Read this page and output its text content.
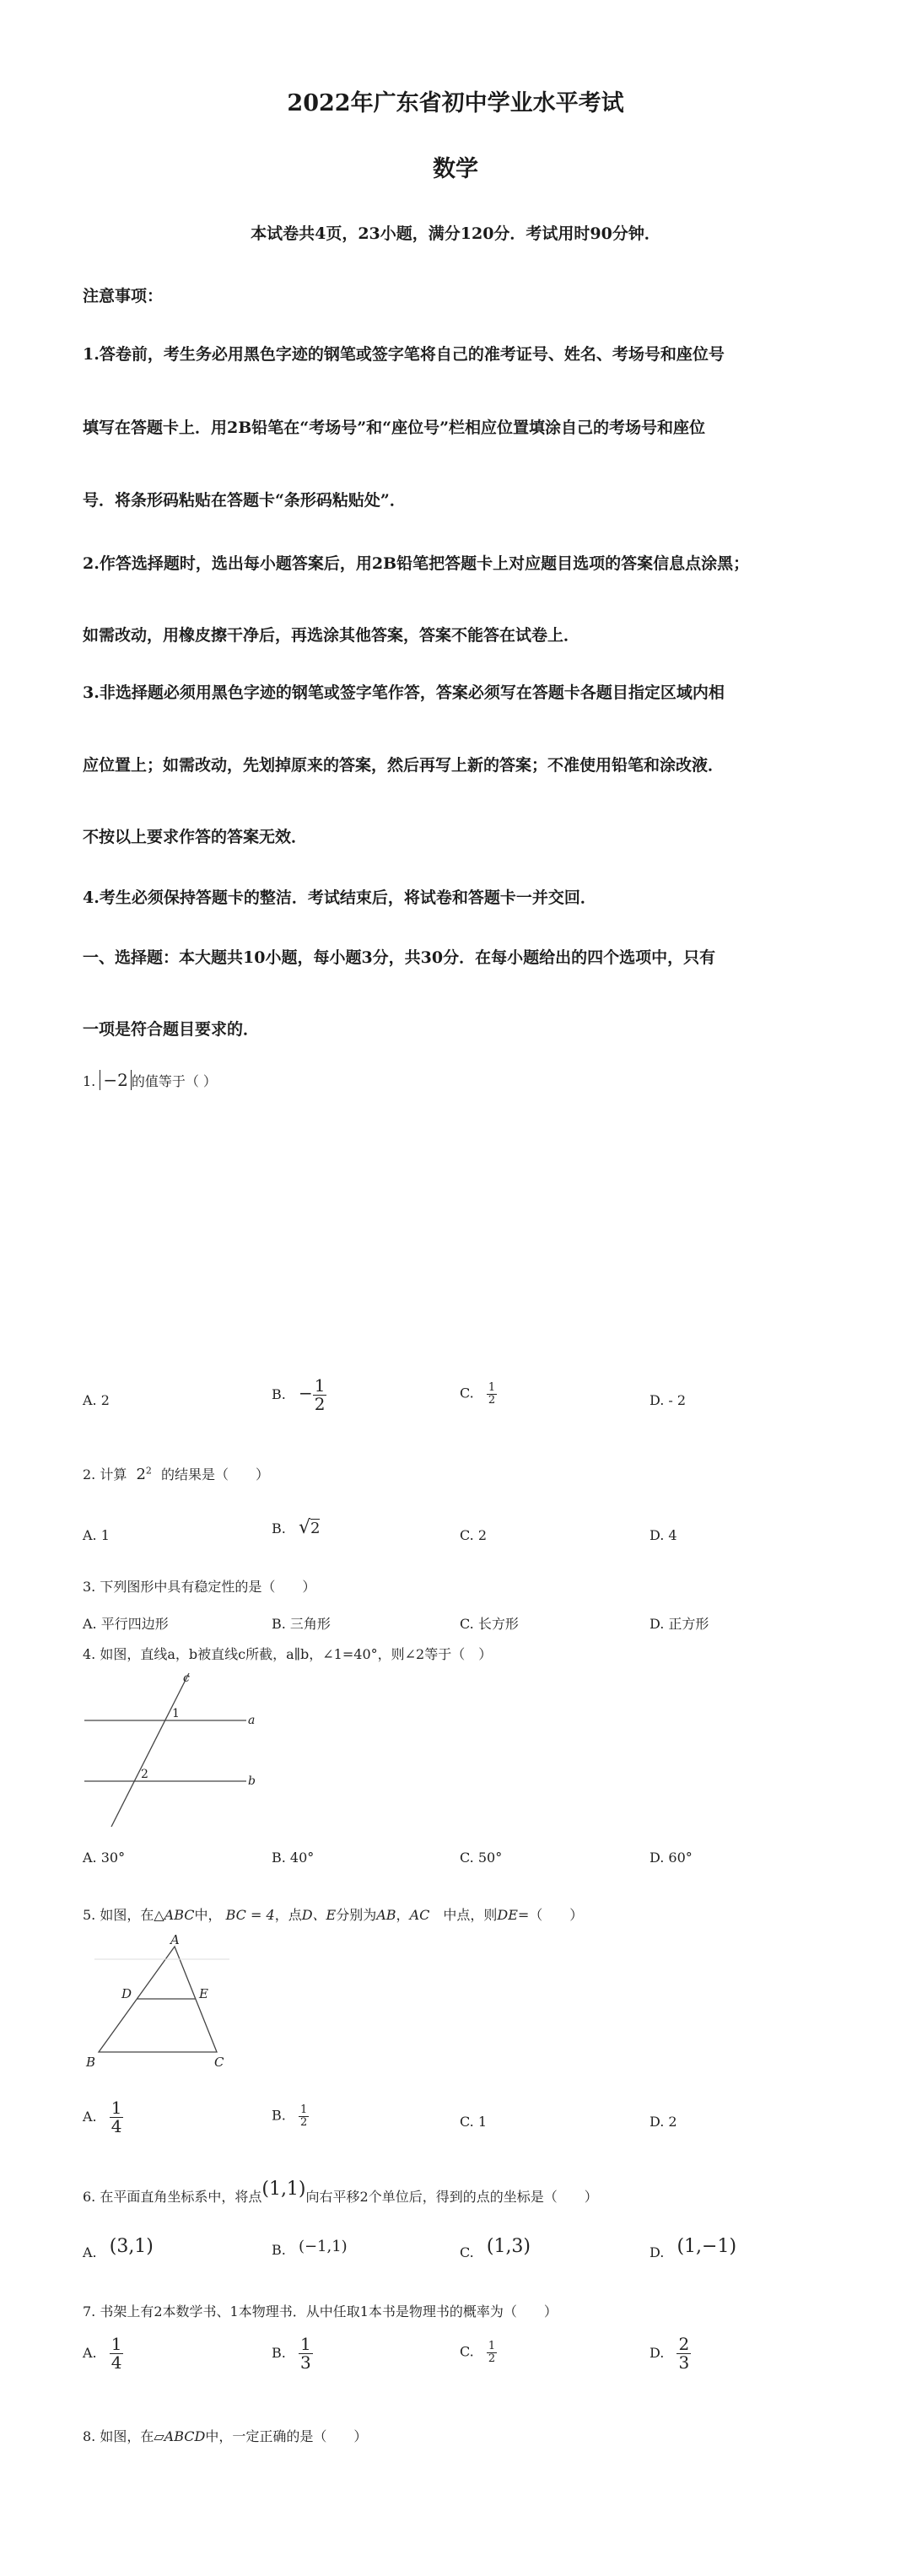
2022年广东省初中学业水平考试
数学
本试卷共4页，23小题，满分120分．考试用时90分钟．
注意事项：
1.答卷前，考生务必用黑色字迹的钢笔或签字笔将自己的准考证号、姓名、考场号和座位号
填写在答题卡上．用2B铅笔在“考场号”和“座位号”栏相应位置填涂自己的考场号和座位
号．将条形码粘贴在答题卡“条形码粘贴处”．
2.作答选择题时，选出每小题答案后，用2B铅笔把答题卡上对应题目选项的答案信息点涂黑；
如需改动，用橡皮擦干净后，再选涂其他答案，答案不能答在试卷上．
3.非选择题必须用黑色字迹的钢笔或签字笔作答，答案必须写在答题卡各题目指定区域内相
应位置上；如需改动，先划掉原来的答案，然后再写上新的答案；不准使用铅笔和涂改液．
不按以上要求作答的答案无效．
4.考生必须保持答题卡的整洁．考试结束后，将试卷和答题卡一并交回．
一、选择题：本大题共10小题，每小题3分，共30分．在每小题给出的四个选项中，只有
一项是符合题目要求的．
1. −2 的值等于（ ）
A. 2	B. − $\frac{1}{2}$	C. $\frac{1}{2}$	D. - 2
2. 计算 $2^2$ 的结果是（　　）
A. 1	B. √2	C. 2	D. 4
3. 下列图形中具有稳定性的是（　　）
A. 平行四边形	B. 三角形	C. 长方形	D. 正方形
4. 如图，直线a，b被直线c所截，a∥b，∠1=40°，则∠2等于（　）
c
a
b
1
2
A. 30°	B. 40°	C. 50°	D. 60°
5. 如图，在△ABC中， BC = 4，点D、E分别为AB，AC　中点，则DE=（　　）
A
B	C
D	E
A. $\frac{1}{4}$	B. $\frac{1}{2}$	C. 1	D. 2
6. 在平面直角坐标系中，将点(1,1)向右平移2个单位后，得到的点的坐标是（　　）
A. (3,1)	B. (−1,1)	C. (1,3)	D. (1,−1)
7. 书架上有2本数学书、1本物理书．从中任取1本书是物理书的概率为（　　）
A. $\frac{1}{4}$	B. $\frac{1}{3}$	C. $\frac{1}{2}$	D. $\frac{2}{3}$
8. 如图，在▱ABCD中，一定正确的是（　　）
